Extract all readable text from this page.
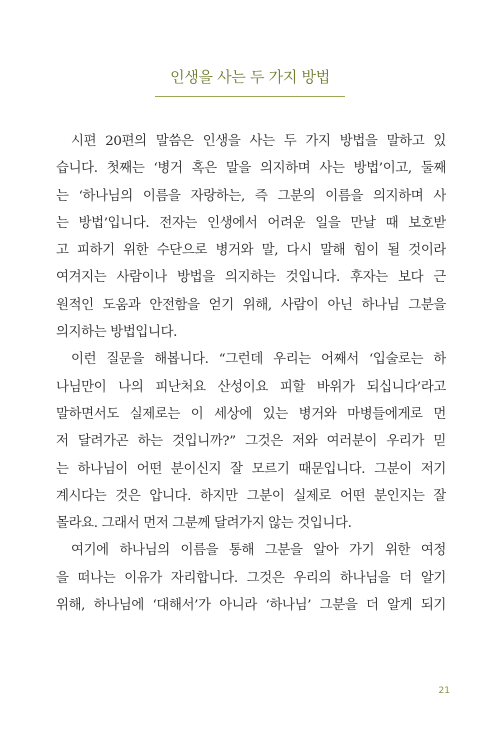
인생을 사는 두 가지 방법
시편 20편의 말씀은 인생을 사는 두 가지 방법을 말하고 있
습니다. 첫째는 ‘병거 혹은 말을 의지하며 사는 방법’이고, 둘째
는 ‘하나님의 이름을 자랑하는, 즉 그분의 이름을 의지하며 사
는 방법’입니다. 전자는 인생에서 어려운 일을 만날 때 보호받
고 피하기 위한 수단으로 병거와 말, 다시 말해 힘이 될 것이라
여겨지는 사람이나 방법을 의지하는 것입니다. 후자는 보다 근
원적인 도움과 안전함을 얻기 위해, 사람이 아닌 하나님 그분을
의지하는 방법입니다.
이런 질문을 해봅니다. “그런데 우리는 어째서 ‘입술로는 하
나님만이 나의 피난처요 산성이요 피할 바위가 되십니다’라고
말하면서도 실제로는 이 세상에 있는 병거와 마병들에게로 먼
저 달려가곤 하는 것입니까?” 그것은 저와 여러분이 우리가 믿
는 하나님이 어떤 분이신지 잘 모르기 때문입니다. 그분이 저기
계시다는 것은 압니다. 하지만 그분이 실제로 어떤 분인지는 잘
몰라요. 그래서 먼저 그분께 달려가지 않는 것입니다.
여기에 하나님의 이름을 통해 그분을 알아 가기 위한 여정
을 떠나는 이유가 자리합니다. 그것은 우리의 하나님을 더 알기
위해, 하나님에 ‘대해서’가 아니라 ‘하나님’ 그분을 더 알게 되기
21
